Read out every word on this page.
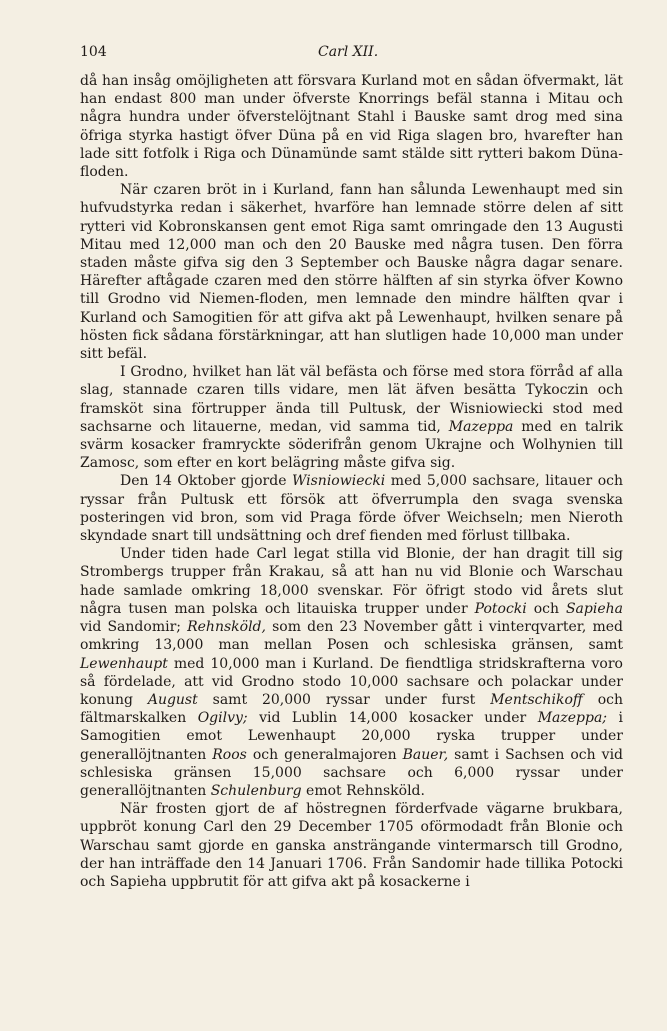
104	Carl XII.

då han insåg omöjligheten att försvara Kurland mot en sådan öfvermakt, lät han endast 800 man under öfverste Knorrings befäl stanna i Mitau och några hundra under öfverstelöjtnant Stahl i Bauske samt drog med sina öfriga styrka hastigt öfver Düna på en vid Riga slagen bro, hvarefter han lade sitt fotfolk i Riga och Dünamünde samt stälde sitt rytteri bakom Düna-floden.

När czaren bröt in i Kurland, fann han sålunda Lewenhaupt med sin hufvudstyrka redan i säkerhet, hvarföre han lemnade större delen af sitt rytteri vid Kobronskansen gent emot Riga samt omringade den 13 Augusti Mitau med 12,000 man och den 20 Bauske med några tusen. Den förra staden måste gifva sig den 3 September och Bauske några dagar senare. Härefter aftågade czaren med den större hälften af sin styrka öfver Kowno till Grodno vid Niemen-floden, men lemnade den mindre hälften qvar i Kurland och Samogitien för att gifva akt på Lewenhaupt, hvilken senare på hösten fick sådana förstärkningar, att han slutligen hade 10,000 man under sitt befäl.

I Grodno, hvilket han lät väl befästa och förse med stora förråd af alla slag, stannade czaren tills vidare, men lät äfven besätta Tykoczin och framsköt sina förtrupper ända till Pultusk, der Wisniowiecki stod med sachsarne och litauerne, medan, vid samma tid, Mazeppa med en talrik svärm kosacker framryckte söderifrån genom Ukrajne och Wolhynien till Zamosc, som efter en kort belägring måste gifva sig.

Den 14 Oktober gjorde Wisniowiecki med 5,000 sachsare, litauer och ryssar från Pultusk ett försök att öfverrumpla den svaga svenska posteringen vid bron, som vid Praga förde öfver Weichseln; men Nieroth skyndade snart till undsättning och dref fienden med förlust tillbaka.

Under tiden hade Carl legat stilla vid Blonie, der han dragit till sig Strombergs trupper från Krakau, så att han nu vid Blonie och Warschau hade samlade omkring 18,000 svenskar. För öfrigt stodo vid årets slut några tusen man polska och litauiska trupper under Potocki och Sapieha vid Sandomir; Rehnsköld, som den 23 November gått i vinterqvarter, med omkring 13,000 man mellan Posen och schlesiska gränsen, samt Lewenhaupt med 10,000 man i Kurland. De fiendtliga stridskrafterna voro så fördelade, att vid Grodno stodo 10,000 sachsare och polackar under konung August samt 20,000 ryssar under furst Mentschikoff och fältmarskalken Ogilvy; vid Lublin 14,000 kosacker under Mazeppa; i Samogitien emot Lewenhaupt 20,000 ryska trupper under generallöjtnanten Roos och generalmajoren Bauer, samt i Sachsen och vid schlesiska gränsen 15,000 sachsare och 6,000 ryssar under generallöjtnanten Schulenburg emot Rehnsköld.

När frosten gjort de af höstregnen förderfvade vägarne brukbara, uppbröt konung Carl den 29 December 1705 oförmodadt från Blonie och Warschau samt gjorde en ganska ansträngande vintermarsch till Grodno, der han inträffade den 14 Januari 1706. Från Sandomir hade tillika Potocki och Sapieha uppbrutit för att gifva akt på kosackerne i
